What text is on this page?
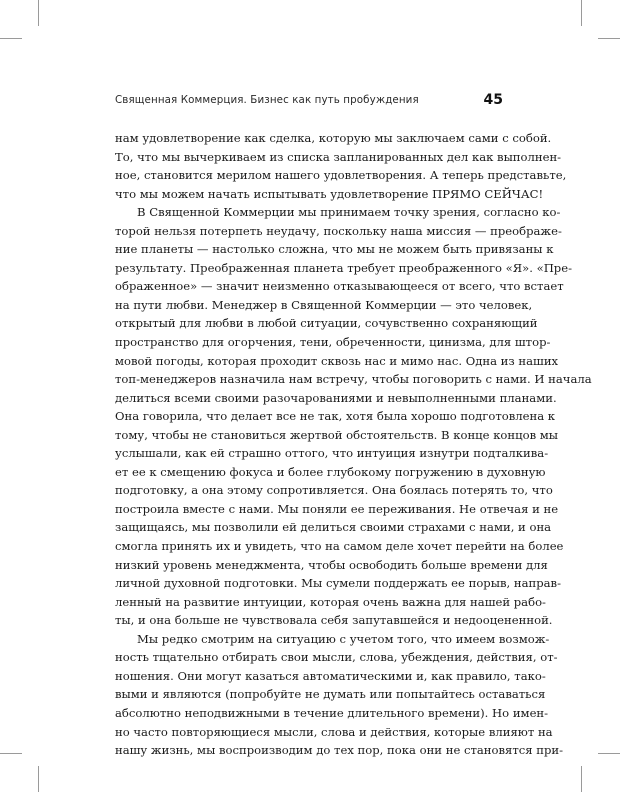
Священная Коммерция. Бизнес как путь пробуждения	45
нам удовлетворение как сделка, которую мы заключаем сами с собой.
То, что мы вычеркиваем из списка запланированных дел как выполнен-
ное, становится мерилом нашего удовлетворения. А теперь представьте,
что мы можем начать испытывать удовлетворение ПРЯМО СЕЙЧАС!
В Священной Коммерции мы принимаем точку зрения, согласно ко-
торой нельзя потерпеть неудачу, поскольку наша миссия — преображе-
ние планеты — настолько сложна, что мы не можем быть привязаны к
результату. Преображенная планета требует преображенного «Я». «Пре-
ображенное» — значит неизменно отказывающееся от всего, что встает
на пути любви. Менеджер в Священной Коммерции — это человек,
открытый для любви в любой ситуации, сочувственно сохраняющий
пространство для огорчения, тени, обреченности, цинизма, для штор-
мовой погоды, которая проходит сквозь нас и мимо нас. Одна из наших
топ-менеджеров назначила нам встречу, чтобы поговорить с нами. И начала
делиться всеми своими разочарованиями и невыполненными планами.
Она говорила, что делает все не так, хотя была хорошо подготовлена к
тому, чтобы не становиться жертвой обстоятельств. В конце концов мы
услышали, как ей страшно оттого, что интуиция изнутри подталкива-
ет ее к смещению фокуса и более глубокому погружению в духовную
подготовку, а она этому сопротивляется. Она боялась потерять то, что
построила вместе с нами. Мы поняли ее переживания. Не отвечая и не
защищаясь, мы позволили ей делиться своими страхами с нами, и она
смогла принять их и увидеть, что на самом деле хочет перейти на более
низкий уровень менеджмента, чтобы освободить больше времени для
личной духовной подготовки. Мы сумели поддержать ее порыв, направ-
ленный на развитие интуиции, которая очень важна для нашей рабо-
ты, и она больше не чувствовала себя запутавшейся и недооцененной.
Мы редко смотрим на ситуацию с учетом того, что имеем возмож-
ность тщательно отбирать свои мысли, слова, убеждения, действия, от-
ношения. Они могут казаться автоматическими и, как правило, тако-
выми и являются (попробуйте не думать или попытайтесь оставаться
абсолютно неподвижными в течение длительного времени). Но имен-
но часто повторяющиеся мысли, слова и действия, которые влияют на
нашу жизнь, мы воспроизводим до тех пор, пока они не становятся при-
